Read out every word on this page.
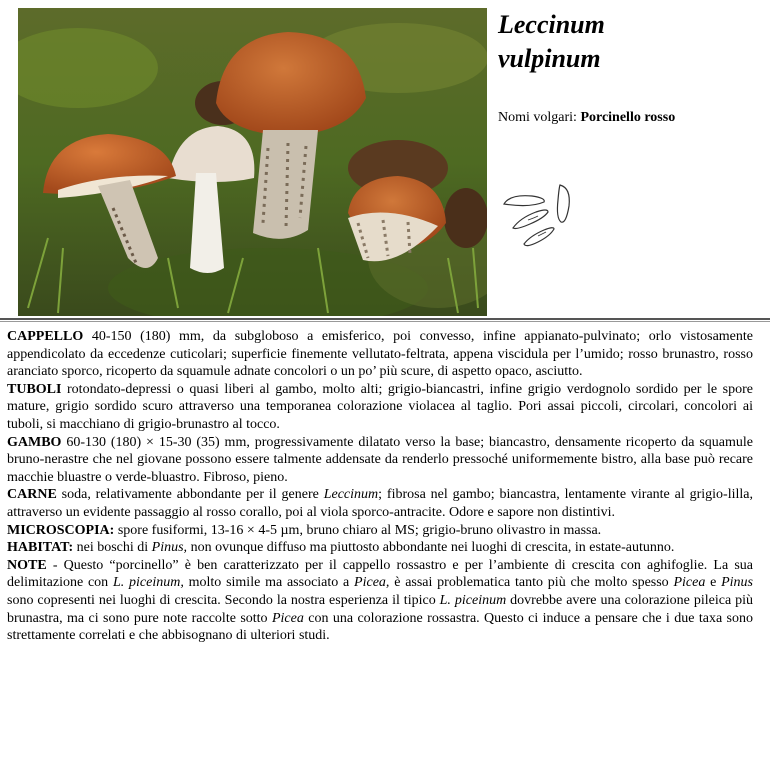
Leccinum
vulpinum
Nomi volgari: Porcinello rosso

CAPPELLO 40-150 (180) mm, da subgloboso a emisferico, poi convesso, infine appianato-pulvinato; orlo vistosamente appendicolato da eccedenze cuticolari; superficie finemente vellutato-feltrata, appena viscidula per l’umido; rosso brunastro, rosso aranciato sporco, ricoperto da squamule adnate concolori o un po’ più scure, di aspetto opaco, asciutto.

TUBOLI rotondato-depressi o quasi liberi al gambo, molto alti; grigio-biancastri, infine grigio verdognolo sordido per le spore mature, grigio sordido scuro attraverso una temporanea colorazione violacea al taglio. Pori assai piccoli, circolari, concolori ai tuboli, si macchiano di grigio-brunastro al tocco.

GAMBO 60-130 (180) × 15-30 (35) mm, progressivamente dilatato verso la base; biancastro, densamente ricoperto da squamule bruno-nerastre che nel giovane possono essere talmente addensate da renderlo pressoché uniformemente bistro, alla base può recare macchie bluastre o verde-bluastro. Fibroso, pieno.

CARNE soda, relativamente abbondante per il genere Leccinum; fibrosa nel gambo; biancastra, lentamente virante al grigio-lilla, attraverso un evidente passaggio al rosso corallo, poi al viola sporco-antracite. Odore e sapore non distintivi.

MICROSCOPIA: spore fusiformi, 13-16 × 4-5 µm, bruno chiaro al MS; grigio-bruno olivastro in massa.

HABITAT: nei boschi di Pinus, non ovunque diffuso ma piuttosto abbondante nei luoghi di crescita, in estate-autunno.

NOTE - Questo “porcinello” è ben caratterizzato per il cappello rossastro e per l’ambiente di crescita con aghifoglie. La sua delimitazione con L. piceinum, molto simile ma associato a Picea, è assai problematica tanto più che molto spesso Picea e Pinus sono copresenti nei luoghi di crescita. Secondo la nostra esperienza il tipico L. piceinum dovrebbe avere una colorazione pileica più brunastra, ma ci sono pure note raccolte sotto Picea con una colorazione rossastra. Questo ci induce a pensare che i due taxa sono strettamente correlati e che abbisognano di ulteriori studi.
